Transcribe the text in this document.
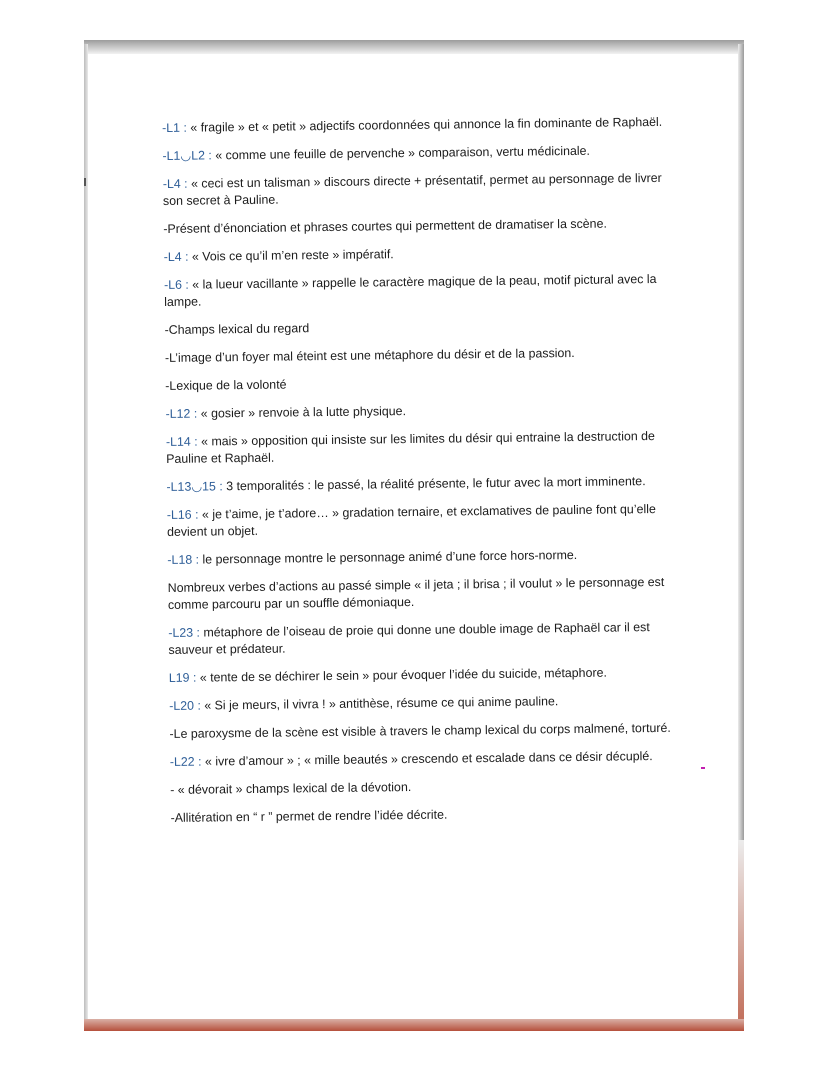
-L1 : « fragile » et « petit » adjectifs coordonnées qui annonce la fin dominante de Raphaël.

-L1◡L2 : « comme une feuille de pervenche » comparaison, vertu médicinale.

-L4 : « ceci est un talisman » discours directe + présentatif, permet au personnage de livrer son secret à Pauline.

-Présent d’énonciation et phrases courtes qui permettent de dramatiser la scène.

-L4 : « Vois ce qu’il m’en reste » impératif.

-L6 : « la lueur vacillante » rappelle le caractère magique de la peau, motif pictural avec la lampe.

-Champs lexical du regard

-L’image d’un foyer mal éteint est une métaphore du désir et de la passion.

-Lexique de la volonté

-L12 : « gosier » renvoie à la lutte physique.

-L14 : « mais » opposition qui insiste sur les limites du désir qui entraine la destruction de Pauline et Raphaël.

-L13◡15 : 3 temporalités : le passé, la réalité présente, le futur avec la mort imminente.

-L16 : « je t’aime, je t’adore… » gradation ternaire, et exclamatives de pauline font qu’elle devient un objet.

-L18 : le personnage montre le personnage animé d’une force hors-norme.

Nombreux verbes d’actions au passé simple « il jeta ; il brisa ; il voulut » le personnage est comme parcouru par un souffle démoniaque.

-L23 : métaphore de l’oiseau de proie qui donne une double image de Raphaël car il est sauveur et prédateur.

L19 : « tente de se déchirer le sein » pour évoquer l’idée du suicide, métaphore.

-L20 : « Si je meurs, il vivra ! » antithèse, résume ce qui anime pauline.

-Le paroxysme de la scène est visible à travers le champ lexical du corps malmené, torturé.

-L22 : « ivre d’amour » ; « mille beautés » crescendo et escalade dans ce désir décuplé.

- « dévorait » champs lexical de la dévotion.

-Allitération en “ r ” permet de rendre l’idée décrite.
